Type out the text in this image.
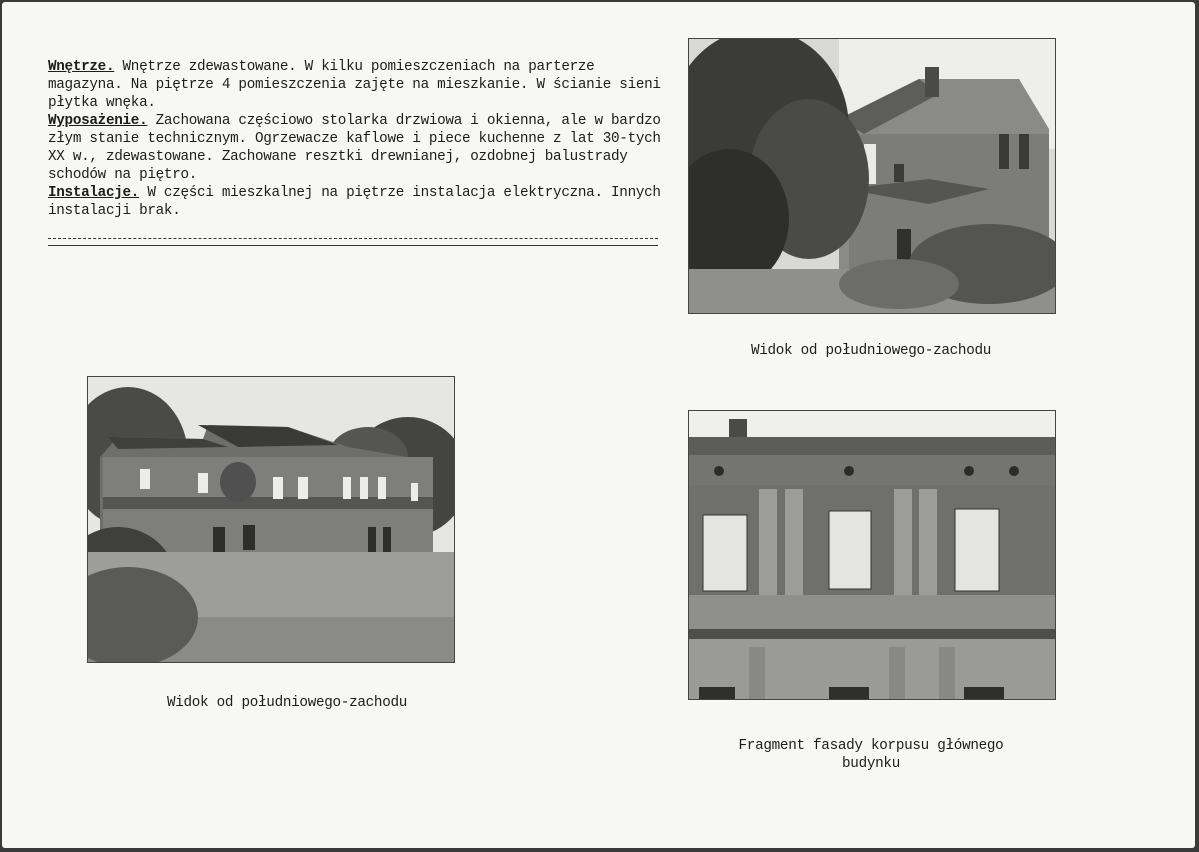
Wnętrze. Wnętrze zdewastowane. W kilku pomieszczeniach na parterze magazyna. Na piętrze 4 pomieszczenia zajęte na mieszkanie. W ścianie sieni płytka wnęka.

Wyposażenie. Zachowana częściowo stolarka drzwiowa i okienna, ale w bardzo złym stanie technicznym. Ogrzewacze kaflowe i piece kuchenne z lat 30-tych XX w., zdewastowane. Zachowane resztki drewnianej, ozdobnej balustrady schodów na piętro.

Instalacje. W części mieszkalnej na piętrze instalacja elektryczna. Innych instalacji brak.

Widok od południowego-zachodu
Widok od południowego-zachodu
Fragment fasady korpusu głównego
budynku
